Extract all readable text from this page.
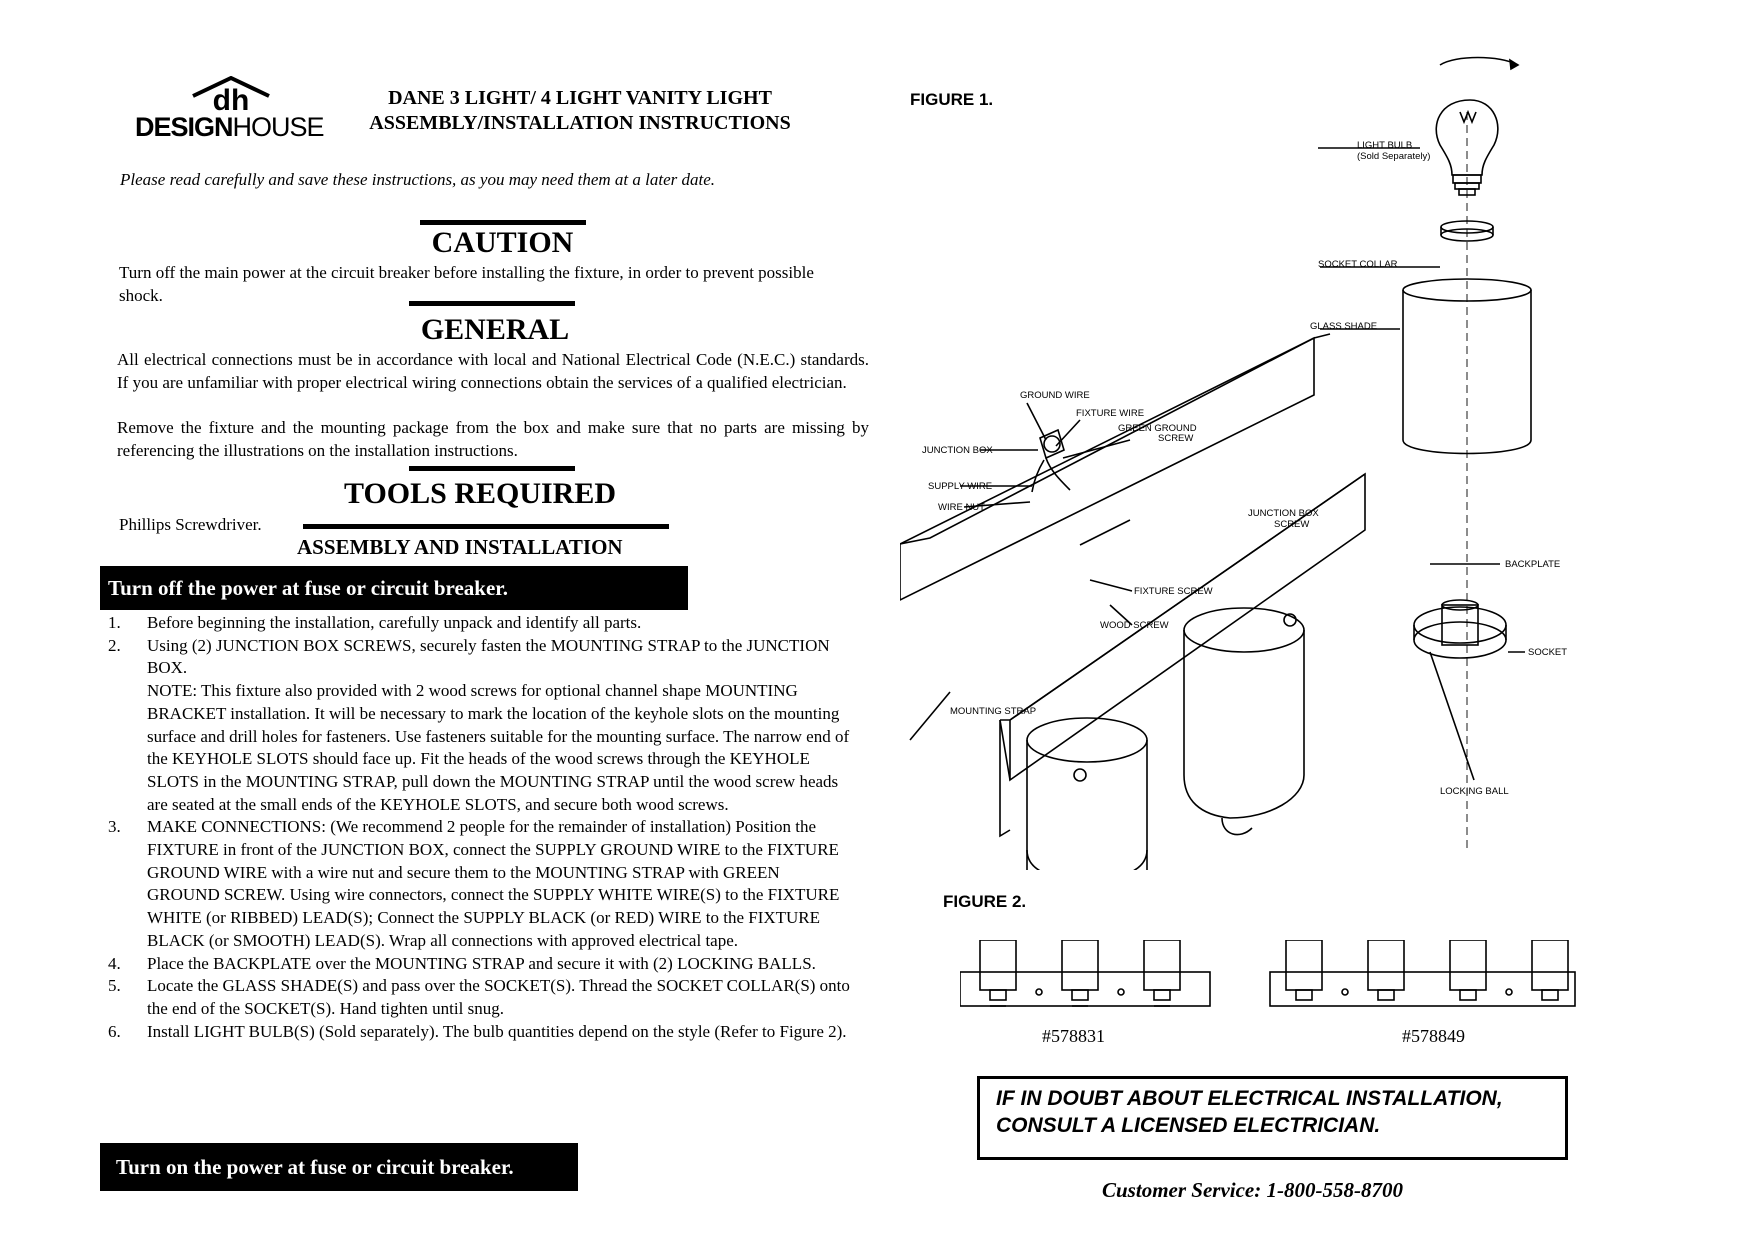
dh
DESIGNHOUSE
DANE 3 LIGHT/ 4 LIGHT VANITY LIGHT
ASSEMBLY/INSTALLATION INSTRUCTIONS
Please read carefully and save these instructions, as you may need them at a later date.
CAUTION
Turn off the main power at the circuit breaker before installing the fixture, in order to prevent possible shock.
GENERAL
All electrical connections must be in accordance with local and National Electrical Code (N.E.C.) standards. If you are unfamiliar with proper electrical wiring connections obtain the services of a qualified electrician.
Remove the fixture and the mounting package from the box and make sure that no parts are missing by referencing the illustrations on the installation instructions.
TOOLS REQUIRED
Phillips Screwdriver.
ASSEMBLY AND INSTALLATION
Turn off the power at fuse or circuit breaker.
1. Before beginning the installation, carefully unpack and identify all parts.
2. Using (2) JUNCTION BOX SCREWS, securely fasten the MOUNTING STRAP to the JUNCTION BOX.
NOTE: This fixture also provided with 2 wood screws for optional channel shape MOUNTING BRACKET installation. It will be necessary to mark the location of the keyhole slots on the mounting surface and drill holes for fasteners. Use fasteners suitable for the mounting surface. The narrow end of the KEYHOLE SLOTS should face up. Fit the heads of the wood screws through the KEYHOLE SLOTS in the MOUNTING STRAP, pull down the MOUNTING STRAP until the wood screw heads are seated at the small ends of the KEYHOLE SLOTS, and secure both wood screws.
3. MAKE CONNECTIONS: (We recommend 2 people for the remainder of installation) Position the FIXTURE in front of the JUNCTION BOX, connect the SUPPLY GROUND WIRE to the FIXTURE GROUND WIRE with a wire nut and secure them to the MOUNTING STRAP with GREEN GROUND SCREW. Using wire connectors, connect the SUPPLY WHITE WIRE(S) to the FIXTURE WHITE (or RIBBED) LEAD(S); Connect the SUPPLY BLACK (or RED) WIRE to the FIXTURE BLACK (or SMOOTH) LEAD(S). Wrap all connections with approved electrical tape.
4. Place the BACKPLATE over the MOUNTING STRAP and secure it with (2) LOCKING BALLS.
5. Locate the GLASS SHADE(S) and pass over the SOCKET(S). Thread the SOCKET COLLAR(S) onto the end of the SOCKET(S). Hand tighten until snug.
6. Install LIGHT BULB(S) (Sold separately). The bulb quantities depend on the style (Refer to Figure 2).
Turn on the power at fuse or circuit breaker.
FIGURE 1.
LIGHT BULB
(Sold Separately)
SOCKET COLLAR
GLASS SHADE
GROUND WIRE
FIXTURE WIRE
GREEN GROUND
SCREW
JUNCTION BOX
SUPPLY WIRE
WIRE NUT
JUNCTION BOX
SCREW
BACKPLATE
FIXTURE SCREW
WOOD SCREW
SOCKET
MOUNTING STRAP
LOCKING BALL
FIGURE 2.
#578831	#578849
IF IN DOUBT ABOUT ELECTRICAL INSTALLATION,
CONSULT A LICENSED ELECTRICIAN.
Customer Service: 1-800-558-8700
